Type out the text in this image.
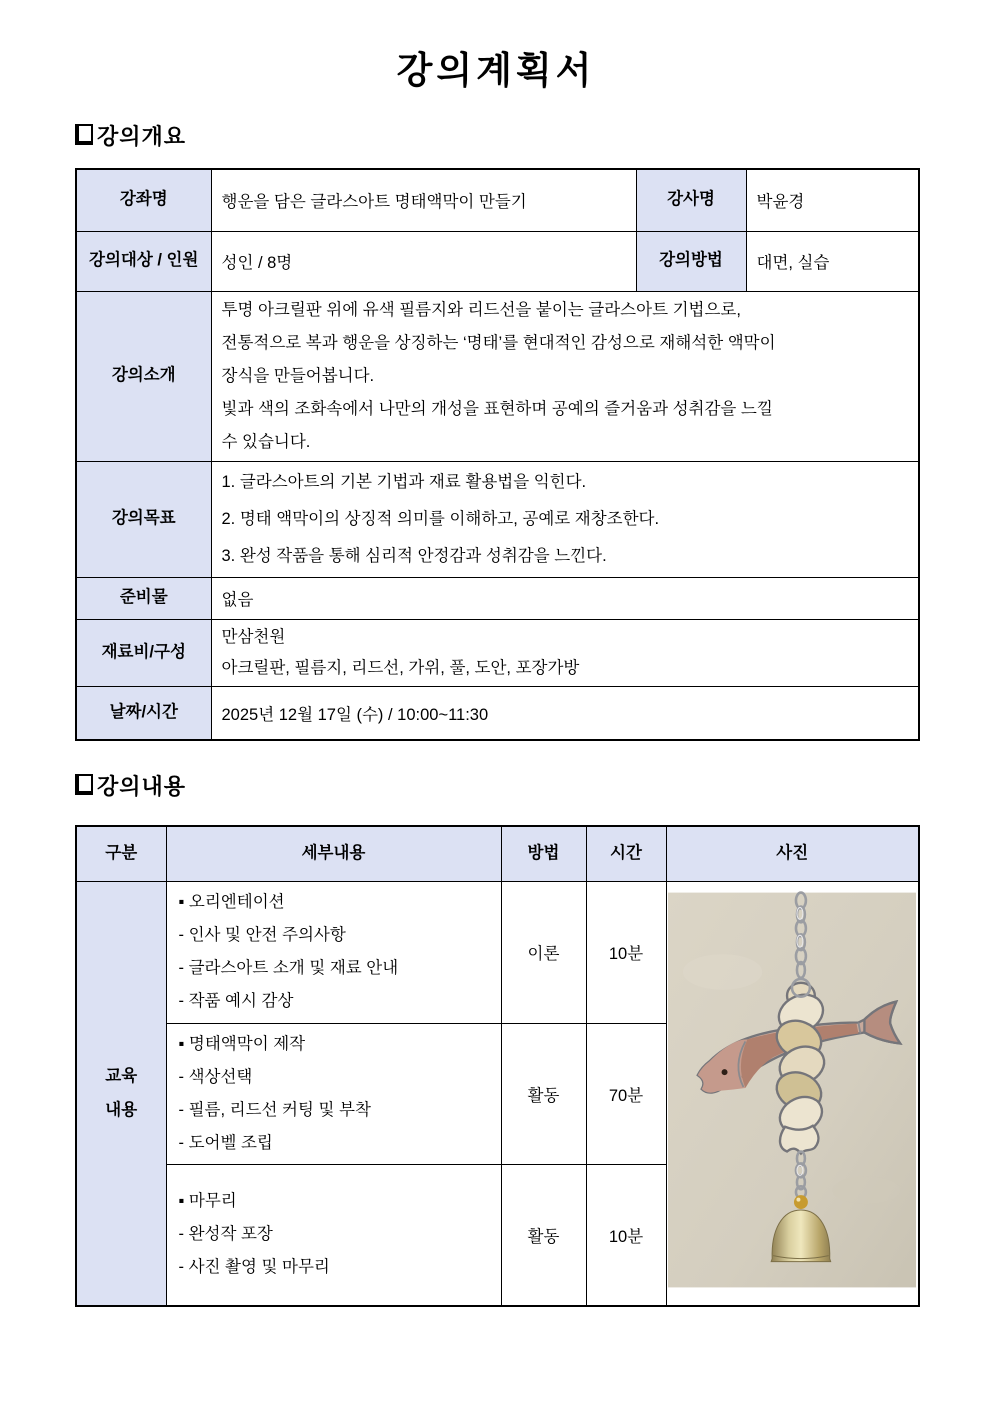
강의계획서
강의개요
강좌명	행운을 담은 글라스아트 명태액막이 만들기	강사명	박윤경
강의대상 / 인원	성인 / 8명	강의방법	대면, 실습
강의소개	투명 아크릴판 위에 유색 필름지와 리드선을 붙이는 글라스아트 기법으로,
전통적으로 복과 행운을 상징하는 ‘명태’를 현대적인 감성으로 재해석한 액막이
장식을 만들어봅니다.
빛과 색의 조화속에서 나만의 개성을 표현하며 공예의 즐거움과 성취감을 느낄
수 있습니다.		

강의목표	1. 글라스아트의 기본 기법과 재료 활용법을 익힌다.
2. 명태 액막이의 상징적 의미를 이해하고, 공예로 재창조한다.
3. 완성 작품을 통해 심리적 안정감과 성취감을 느낀다.		

준비물	없음		
재료비/구성	만삼천원
아크릴판, 필름지, 리드선, 가위, 풀, 도안, 포장가방		

날짜/시간	2025년 12월 17일 (수) / 10:00~11:30		
강의내용
구분	세부내용	방법	시간	사진

교육
내용

▪ 오리엔테이션
- 인사 및 안전 주의사항
- 글라스아트 소개 및 재료 안내
- 작품 예시 감상
	이론	10분	

	▪ 명태액막이 제작
- 색상선택
- 필름, 리드선 커팅 및 부착
- 도어벨 조립	활동	70분	

	▪ 마무리
- 완성작 포장
- 사진 촬영 및 마무리	활동	10분	
